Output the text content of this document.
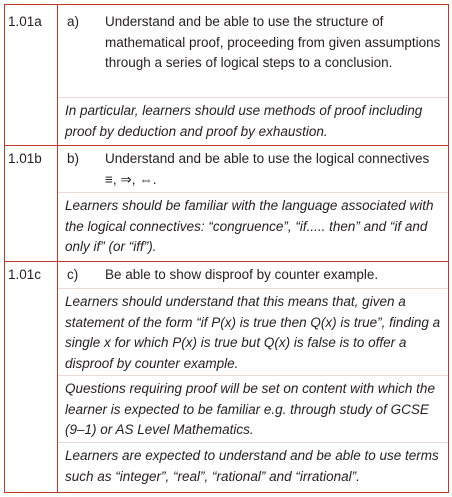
1.01a	a)	Understand and be able to use the structure of mathematical proof, proceeding from given assumptions through a series of logical steps to a conclusion.
In particular, learners should use methods of proof including proof by deduction and proof by exhaustion.
1.01b	b)	Understand and be able to use the logical connectives ≡, ⇒, ⇔.
Learners should be familiar with the language associated with the logical connectives: “congruence”, “if..... then” and “if and only if” (or “iff”).
1.01c	c)	Be able to show disproof by counter example.
Learners should understand that this means that, given a statement of the form “if P(x) is true then Q(x) is true”, finding a single x for which P(x) is true but Q(x) is false is to offer a disproof by counter example.
Questions requiring proof will be set on content with which the learner is expected to be familiar e.g. through study of GCSE (9–1) or AS Level Mathematics.
Learners are expected to understand and be able to use terms such as “integer”, “real”, “rational” and “irrational”.
